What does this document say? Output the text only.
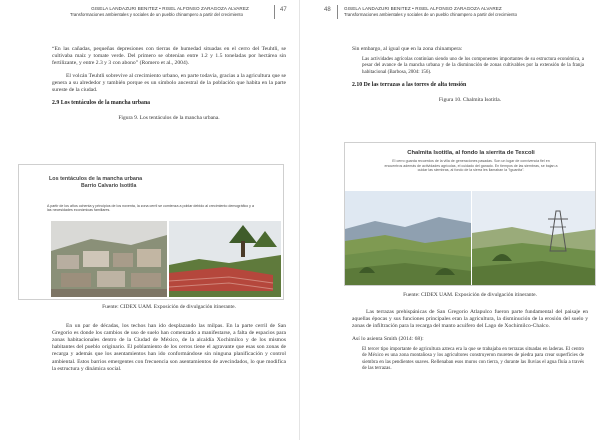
GISELA LANDAZURI BENITEZ • RISEL ALFONSO ZARAGOZA ALVAREZ
Transformaciones ambientales y sociales de un pueblo chinampero a partir del crecimiento
47

“En las cañadas, pequeñas depresiones con tierras de humedad situadas en el cerro del Teuhtli, se cultivaba maíz y tomate verde. Del primero se obtenían entre 1.2 y 1.5 toneladas por hectárea sin fertilizante, y entre 2.3 y 3 con abono” (Romero et al., 2004).

El volcán Teuhtli sobrevive al crecimiento urbano, en parte todavía, gracias a la agricultura que se genera a su alrededor y también porque es un símbolo ancestral de la población que habita en la parte sureste de la ciudad.

2.9 Los tentáculos de la mancha urbana
Figura 9. Los tentáculos de la mancha urbana.
Los tentáculos de la mancha urbana
Barrio Calvario Isotitla
A partir de los años ochenta y principios de los noventa, la zona cerril se comienza a poblar debido al crecimiento demográfico y a las necesidades económicas familiares.
Fuente: CIDEX UAM. Exposición de divulgación itinerante.

En un par de décadas, los techos han ido desplazando las milpas. En la parte cerril de San Gregorio es donde los cambios de uso de suelo han comenzado a manifestarse, a falta de espacios para zonas habitacionales dentro de la Ciudad de México, de la alcaldía Xochimilco y de los mismos habitantes del pueblo originario. El poblamiento de los cerros tiene el agravante que esas son zonas de recarga y además que los asentamientos han ido conformándose sin ninguna planificación y control ambiental. Estos barrios emergentes con frecuencia son asentamientos de avecindados, lo que modifica la estructura y dinámica social.

48	GISELA LANDAZURI BENITEZ • RISEL ALFONSO ZARAGOZA ALVAREZ
Transformaciones ambientales y sociales de un pueblo chinampero a partir del crecimiento

Sin embargo, al igual que en la zona chinampera:

Las actividades agrícolas continúan siendo uno de los componentes importantes de su estructura económica, a pesar del avance de la mancha urbana y de la disminución de zonas cultivables por la extensión de la franja habitacional (Barbosa, 2004: 156).

2.10 De las terrazas a las torres de alta tensión
Figura 10. Chalmita Isotitla.
Chalmita Isotitla, al fondo la sierrita de Texcoli
El cerro guarda recuerdos de la villa de generaciones pasadas. Son un lugar de convivencia fiel en encuentros además de actividades agrícolas, el cuidado del ganado. En tiempos de las siembras, se bajan a cuidar las siembras, al fondo de la sierra les llamaban la "Iguanita".
Fuente: CIDEX UAM. Exposición de divulgación itinerante.

Las terrazas prehispánicas de San Gregorio Atlapulco fueron parte fundamental del paisaje en aquellas épocas y sus funciones principales eran la agricultura, la disminución de la erosión del suelo y zonas de infiltración para la recarga del manto acuífero del Lago de Xochimilco-Chalco.

Así lo asienta Smith (2014: 68):

El tercer tipo importante de agricultura azteca era la que se trabajaba en terrazas situadas en laderas. El centro de México es una zona montañosa y los agricultores construyeron muretes de piedra para crear superficies de siembra en las pendientes suaves. Rellenaban esos muros con tierra, y durante las lluvias el agua fluía a través de las terrazas.
